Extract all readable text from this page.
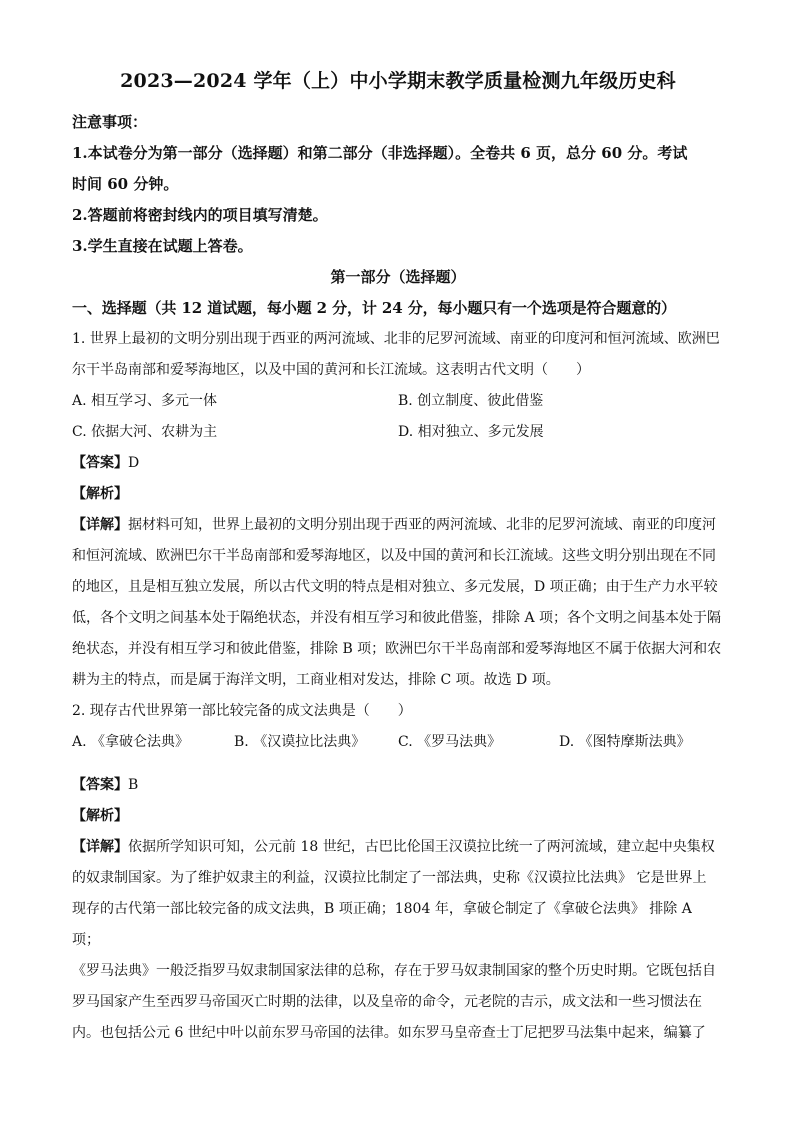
2023—2024 学年（上）中小学期末教学质量检测九年级历史科
注意事项：
1.本试卷分为第一部分（选择题）和第二部分（非选择题）。全卷共 6 页，总分 60 分。考试
时间 60 分钟。
2.答题前将密封线内的项目填写清楚。
3.学生直接在试题上答卷。
第一部分（选择题）
一、选择题（共 12 道试题，每小题 2 分，计 24 分，每小题只有一个选项是符合题意的）
1. 世界上最初的文明分别出现于西亚的两河流域、北非的尼罗河流域、南亚的印度河和恒河流域、欧洲巴
尔干半岛南部和爱琴海地区，以及中国的黄河和长江流域。这表明古代文明（　　）
A. 相互学习、多元一体	B. 创立制度、彼此借鉴
C. 依据大河、农耕为主	D. 相对独立、多元发展
【答案】D
【解析】
【详解】据材料可知，世界上最初的文明分别出现于西亚的两河流域、北非的尼罗河流域、南亚的印度河
和恒河流域、欧洲巴尔干半岛南部和爱琴海地区，以及中国的黄河和长江流域。这些文明分别出现在不同
的地区，且是相互独立发展，所以古代文明的特点是相对独立、多元发展，D 项正确；由于生产力水平较
低，各个文明之间基本处于隔绝状态，并没有相互学习和彼此借鉴，排除 A 项；各个文明之间基本处于隔
绝状态，并没有相互学习和彼此借鉴，排除 B 项；欧洲巴尔干半岛南部和爱琴海地区不属于依据大河和农
耕为主的特点，而是属于海洋文明，工商业相对发达，排除 C 项。故选 D 项。
2. 现存古代世界第一部比较完备的成文法典是（　　）
A. 《拿破仑法典》	B. 《汉谟拉比法典》	C. 《罗马法典》	D. 《图特摩斯法典》
【答案】B
【解析】
【详解】依据所学知识可知，公元前 18 世纪，古巴比伦国王汉谟拉比统一了两河流域，建立起中央集权
的奴隶制国家。为了维护奴隶主的利益，汉谟拉比制定了一部法典，史称《汉谟拉比法典》 它是世界上
现存的古代第一部比较完备的成文法典，B 项正确；1804 年，拿破仑制定了《拿破仑法典》 排除 A 项；
《罗马法典》一般泛指罗马奴隶制国家法律的总称，存在于罗马奴隶制国家的整个历史时期。它既包括自
罗马国家产生至西罗马帝国灭亡时期的法律，以及皇帝的命令，元老院的吉示，成文法和一些习惯法在
内。也包括公元 6 世纪中叶以前东罗马帝国的法律。如东罗马皇帝查士丁尼把罗马法集中起来，编纂了
